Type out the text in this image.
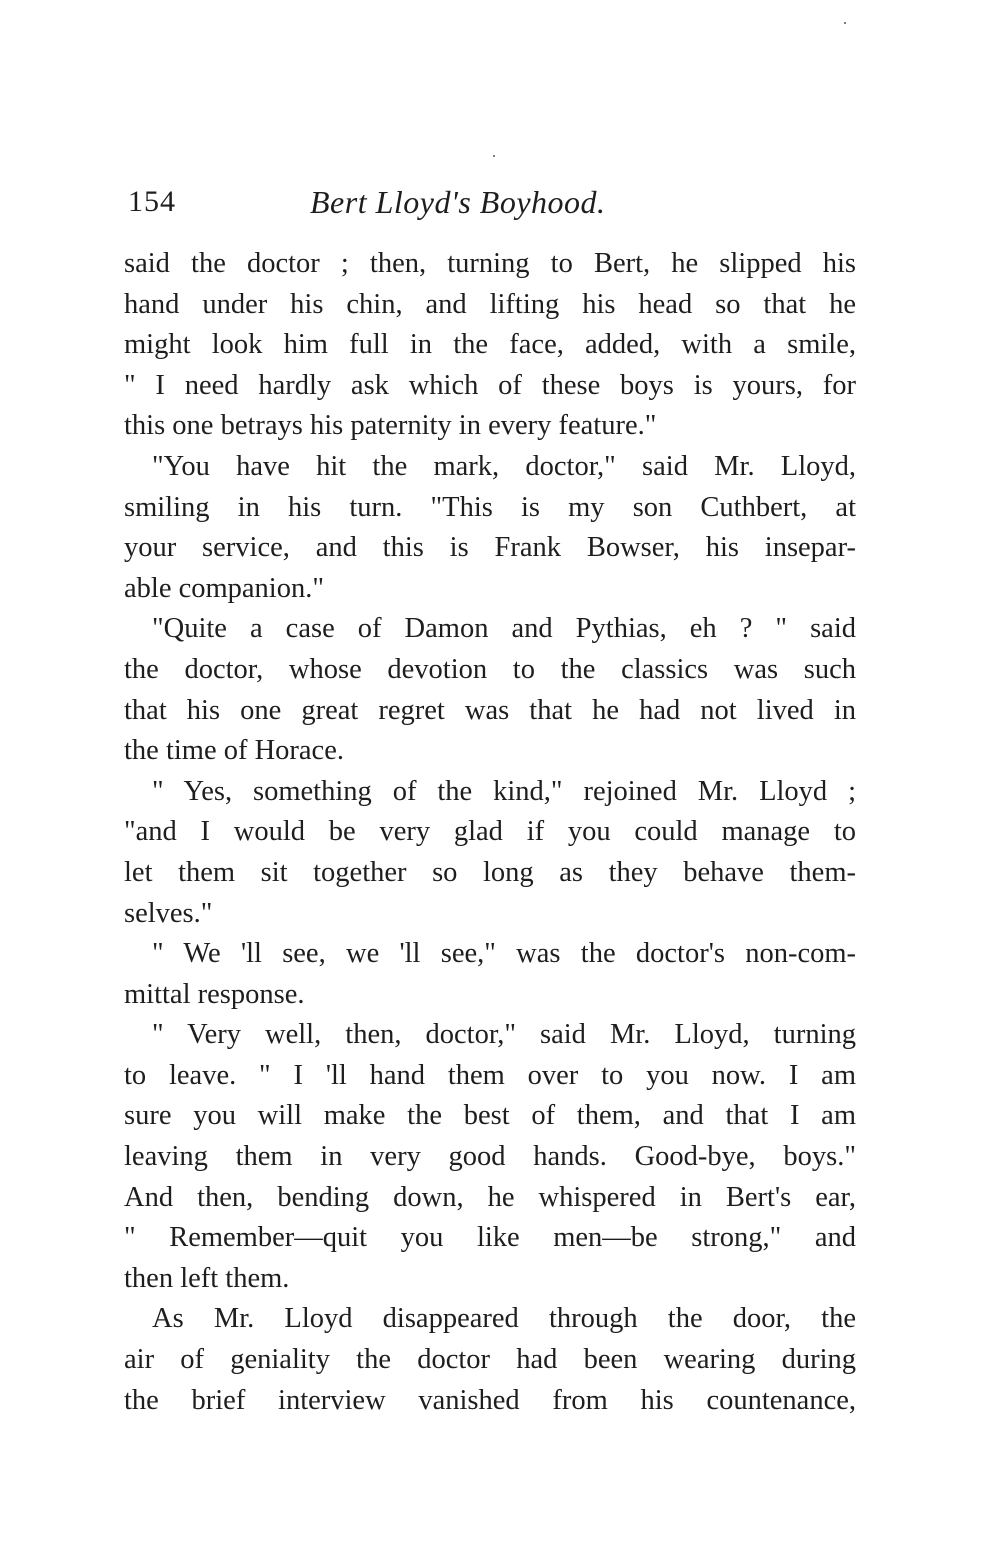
154	Bert Lloyd's Boyhood.
said the doctor ; then, turning to Bert, he slipped his
hand under his chin, and lifting his head so that he
might look him full in the face, added, with a smile,
" I need hardly ask which of these boys is yours, for
this one betrays his paternity in every feature."
"You have hit the mark, doctor," said Mr. Lloyd,
smiling in his turn. "This is my son Cuthbert, at
your service, and this is Frank Bowser, his insepar-
able companion."
"Quite a case of Damon and Pythias, eh ? " said
the doctor, whose devotion to the classics was such
that his one great regret was that he had not lived in
the time of Horace.
" Yes, something of the kind," rejoined Mr. Lloyd ;
"and I would be very glad if you could manage to
let them sit together so long as they behave them-
selves."
" We 'll see, we 'll see," was the doctor's non-com-
mittal response.
" Very well, then, doctor," said Mr. Lloyd, turning
to leave. " I 'll hand them over to you now. I am
sure you will make the best of them, and that I am
leaving them in very good hands. Good-bye, boys."
And then, bending down, he whispered in Bert's ear,
" Remember—quit you like men—be strong," and
then left them.
As Mr. Lloyd disappeared through the door, the
air of geniality the doctor had been wearing during
the brief interview vanished from his countenance,
